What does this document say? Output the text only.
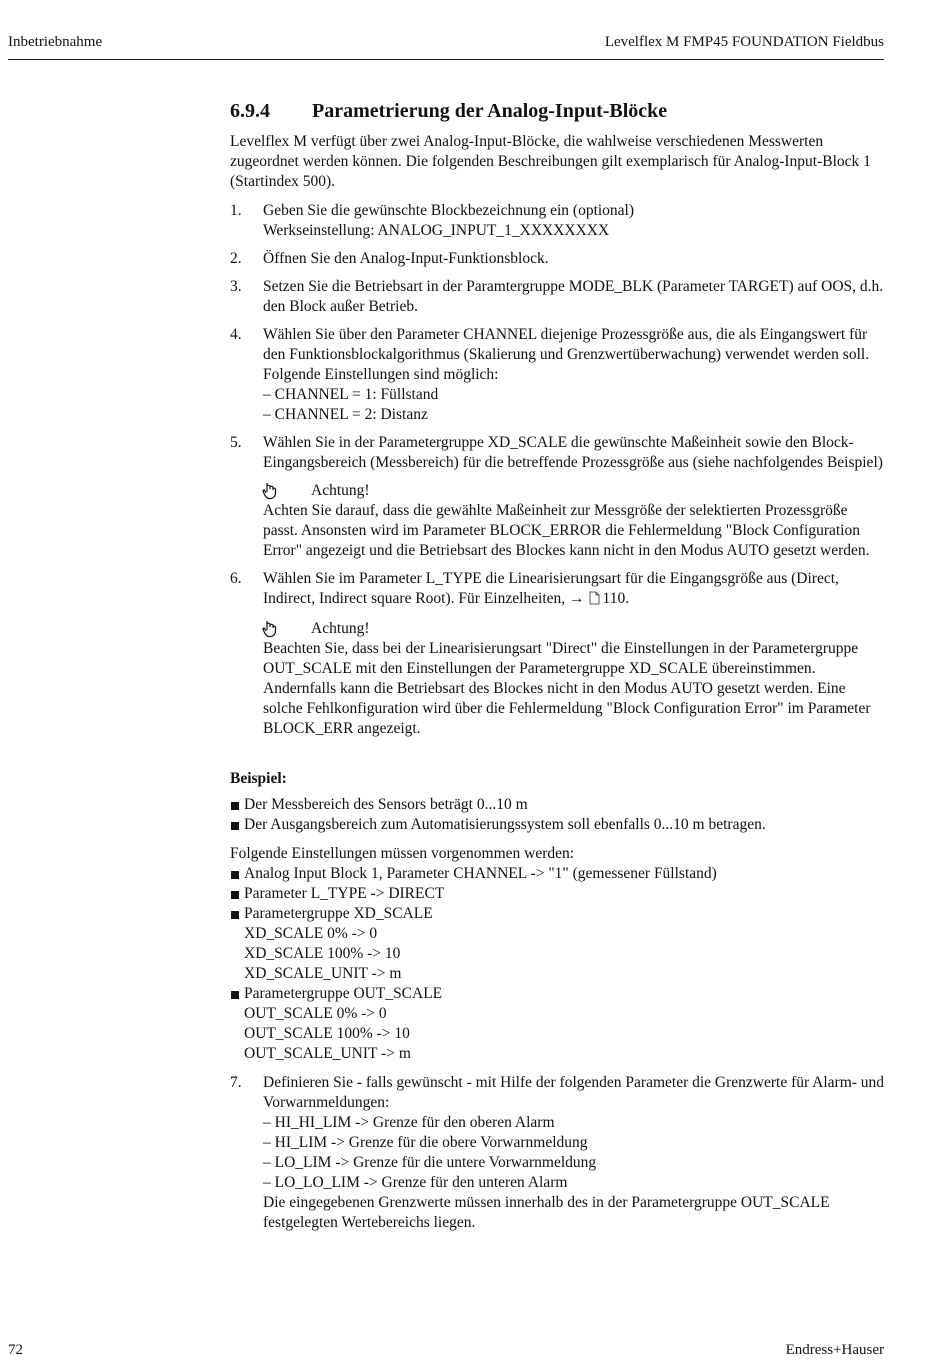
Inbetriebnahme	Levelflex M FMP45 FOUNDATION Fieldbus
6.9.4 Parametrierung der Analog-Input-Blöcke

Levelflex M verfügt über zwei Analog-Input-Blöcke, die wahlweise verschiedenen Messwerten zugeordnet werden können. Die folgenden Beschreibungen gilt exemplarisch für Analog-Input-Block 1 (Startindex 500).

1.	Geben Sie die gewünschte Blockbezeichnung ein (optional)
Werkseinstellung: ANALOG_INPUT_1_XXXXXXXX
2.	Öffnen Sie den Analog-Input-Funktionsblock.
3.	Setzen Sie die Betriebsart in der Paramtergruppe MODE_BLK (Parameter TARGET) auf OOS, d.h. den Block außer Betrieb.
4.	Wählen Sie über den Parameter CHANNEL diejenige Prozessgröße aus, die als Eingangswert für den Funktionsblockalgorithmus (Skalierung und Grenzwertüberwachung) verwendet werden soll. Folgende Einstellungen sind möglich:
– CHANNEL = 1: Füllstand
– CHANNEL = 2: Distanz
5.	Wählen Sie in der Parametergruppe XD_SCALE die gewünschte Maßeinheit sowie den Block-Eingangsbereich (Messbereich) für die betreffende Prozessgröße aus (siehe nachfolgendes Beispiel)
Achtung!

Achten Sie darauf, dass die gewählte Maßeinheit zur Messgröße der selektierten Prozessgröße passt. Ansonsten wird im Parameter BLOCK_ERROR die Fehlermeldung "Block Configuration Error" angezeigt und die Betriebsart des Blockes kann nicht in den Modus AUTO gesetzt werden.

6.	Wählen Sie im Parameter L_TYPE die Linearisierungsart für die Eingangsgröße aus (Direct, Indirect, Indirect square Root). Für Einzelheiten, → 110.
Achtung!

Beachten Sie, dass bei der Linearisierungsart "Direct" die Einstellungen in der Parametergruppe OUT_SCALE mit den Einstellungen der Parametergruppe XD_SCALE übereinstimmen. Andernfalls kann die Betriebsart des Blockes nicht in den Modus AUTO gesetzt werden. Eine solche Fehlkonfiguration wird über die Fehlermeldung "Block Configuration Error" im Parameter BLOCK_ERR angezeigt.

Beispiel:
Der Messbereich des Sensors beträgt 0...10 m
Der Ausgangsbereich zum Automatisierungssystem soll ebenfalls 0...10 m betragen.

Folgende Einstellungen müssen vorgenommen werden:

Analog Input Block 1, Parameter CHANNEL -> "1" (gemessener Füllstand)
Parameter L_TYPE -> DIRECT
Parametergruppe XD_SCALE
XD_SCALE 0% -> 0
XD_SCALE 100% -> 10
XD_SCALE_UNIT -> m
Parametergruppe OUT_SCALE
OUT_SCALE 0% -> 0
OUT_SCALE 100% -> 10
OUT_SCALE_UNIT -> m
7.	Definieren Sie - falls gewünscht - mit Hilfe der folgenden Parameter die Grenzwerte für Alarm- und Vorwarnmeldungen:
– HI_HI_LIM -> Grenze für den oberen Alarm
– HI_LIM -> Grenze für die obere Vorwarnmeldung
– LO_LIM -> Grenze für die untere Vorwarnmeldung
– LO_LO_LIM -> Grenze für den unteren Alarm
Die eingegebenen Grenzwerte müssen innerhalb des in der Parametergruppe OUT_SCALE festgelegten Wertebereichs liegen.
72	Endress+Hauser
